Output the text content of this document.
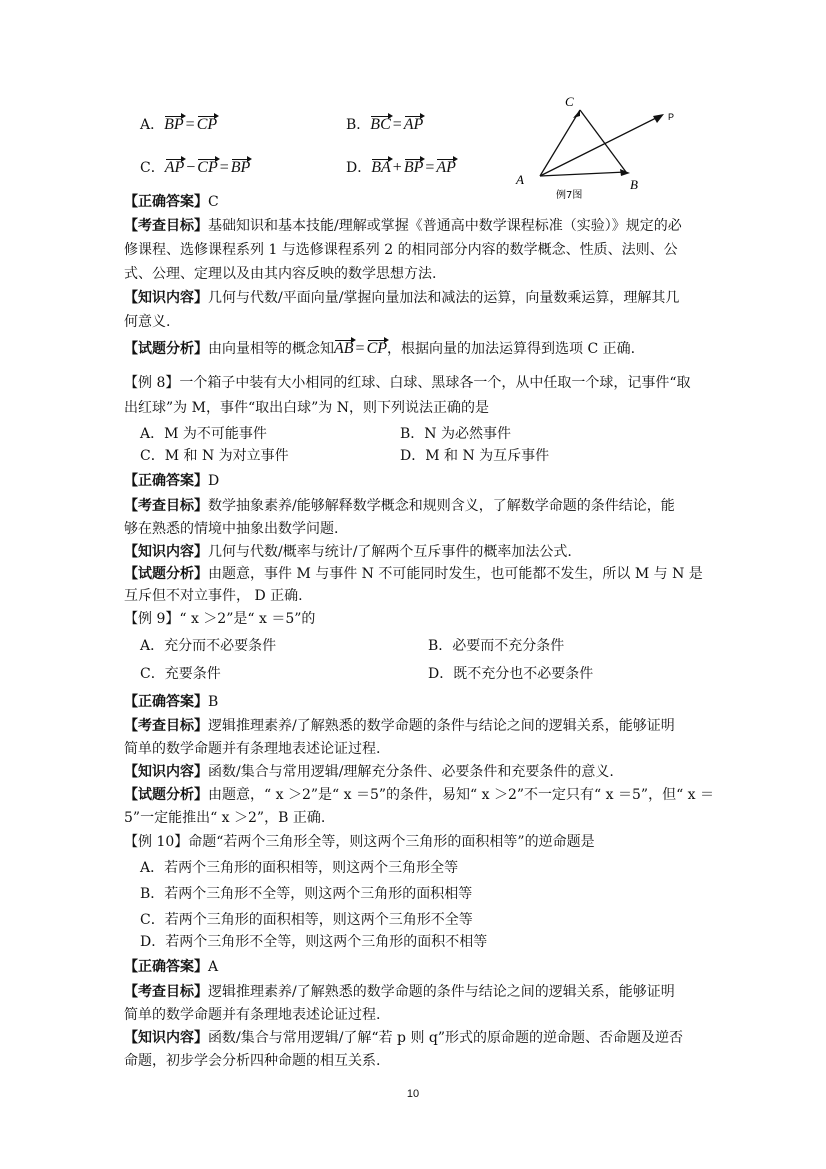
A．BP = CP	B．BC = AP
C．AP − CP = BP	D．BA + BP = AP
C
P
A	B
例7图
【正确答案】C
【考查目标】基础知识和基本技能/理解或掌握《普通高中数学课程标准（实验）》规定的必
修课程、选修课程系列 1 与选修课程系列 2 的相同部分内容的数学概念、性质、法则、公
式、公理、定理以及由其内容反映的数学思想方法.
【知识内容】几何与代数/平面向量/掌握向量加法和减法的运算，向量数乘运算，理解其几
何意义.
【试题分析】由向量相等的概念知AB = CP，根据向量的加法运算得到选项 C 正确.
【例 8】一个箱子中装有大小相同的红球、白球、黑球各一个，从中任取一个球，记事件“取
出红球”为 M，事件“取出白球”为 N，则下列说法正确的是
A．M 为不可能事件	B．N 为必然事件
C．M 和 N 为对立事件	D．M 和 N 为互斥事件
【正确答案】D
【考查目标】数学抽象素养/能够解释数学概念和规则含义，了解数学命题的条件结论，能
够在熟悉的情境中抽象出数学问题.
【知识内容】几何与代数/概率与统计/了解两个互斥事件的概率加法公式.
【试题分析】由题意，事件 M 与事件 N 不可能同时发生，也可能都不发生，所以 M 与 N 是
互斥但不对立事件， D 正确.
【例 9】“ x ＞2”是“ x ＝5”的
A．充分而不必要条件	B．必要而不充分条件
C．充要条件	D．既不充分也不必要条件
【正确答案】B
【考查目标】逻辑推理素养/了解熟悉的数学命题的条件与结论之间的逻辑关系，能够证明
简单的数学命题并有条理地表述论证过程.
【知识内容】函数/集合与常用逻辑/理解充分条件、必要条件和充要条件的意义.
【试题分析】由题意，“ x ＞2”是“ x ＝5”的条件，易知“ x ＞2”不一定只有“ x ＝5”，但“ x ＝
5”一定能推出“ x ＞2”，B 正确.
【例 10】命题“若两个三角形全等，则这两个三角形的面积相等”的逆命题是
A．若两个三角形的面积相等，则这两个三角形全等
B．若两个三角形不全等，则这两个三角形的面积相等
C．若两个三角形的面积相等，则这两个三角形不全等
D．若两个三角形不全等，则这两个三角形的面积不相等
【正确答案】A
【考查目标】逻辑推理素养/了解熟悉的数学命题的条件与结论之间的逻辑关系，能够证明
简单的数学命题并有条理地表述论证过程.
【知识内容】函数/集合与常用逻辑/了解“若 p 则 q”形式的原命题的逆命题、否命题及逆否
命题，初步学会分析四种命题的相互关系.
10
